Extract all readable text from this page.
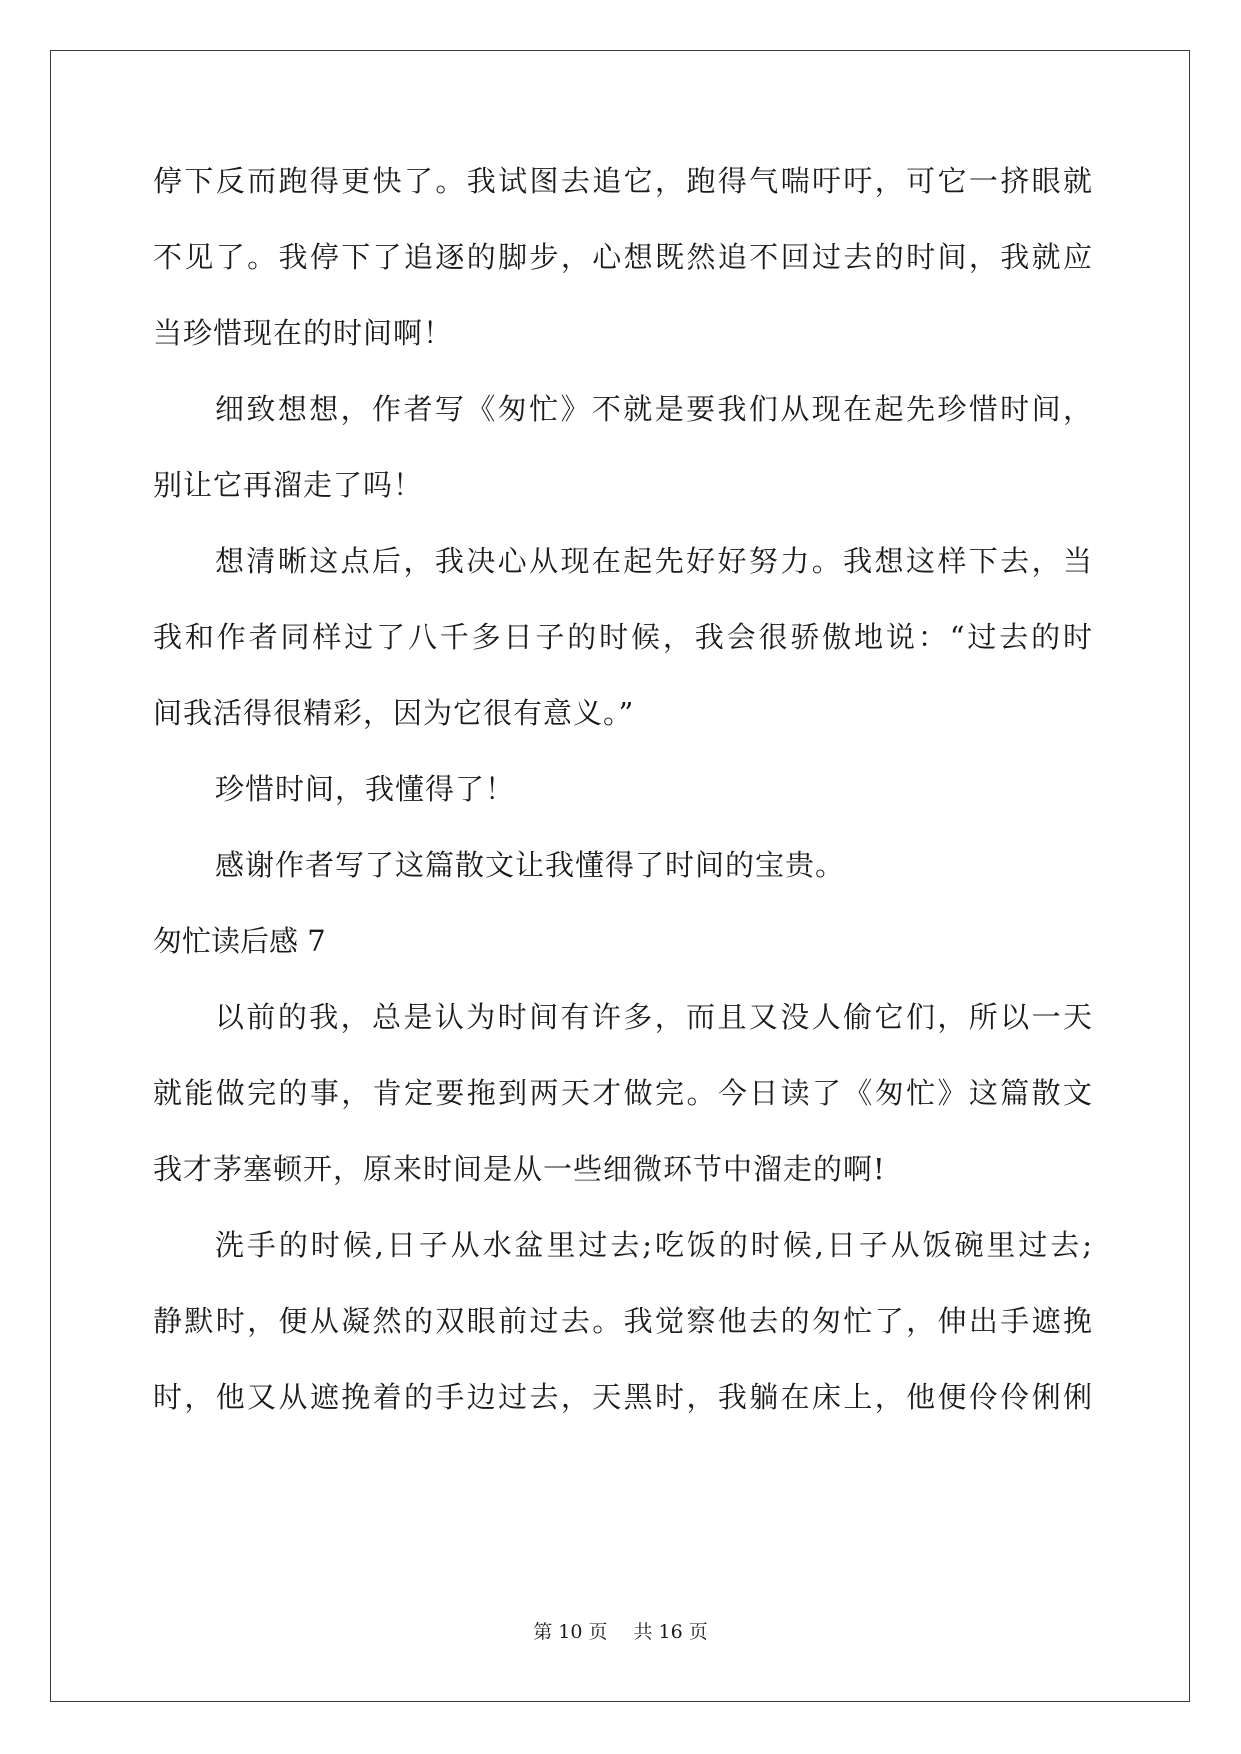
停下反而跑得更快了。我试图去追它，跑得气喘吁吁，可它一挤眼就
不见了。我停下了追逐的脚步，心想既然追不回过去的时间，我就应
当珍惜现在的时间啊！
细致想想，作者写《匆忙》不就是要我们从现在起先珍惜时间，
别让它再溜走了吗！
想清晰这点后，我决心从现在起先好好努力。我想这样下去，当
我和作者同样过了八千多日子的时候，我会很骄傲地说：“过去的时
间我活得很精彩，因为它很有意义。”
珍惜时间，我懂得了！
感谢作者写了这篇散文让我懂得了时间的宝贵。
匆忙读后感 7
以前的我，总是认为时间有许多，而且又没人偷它们，所以一天
就能做完的事，肯定要拖到两天才做完。今日读了《匆忙》这篇散文
我才茅塞顿开，原来时间是从一些细微环节中溜走的啊!
洗手的时候,日子从水盆里过去;吃饭的时候,日子从饭碗里过去;
静默时，便从凝然的双眼前过去。我觉察他去的匆忙了，伸出手遮挽
时，他又从遮挽着的手边过去，天黑时，我躺在床上，他便伶伶俐俐
第 10 页 共 16 页
